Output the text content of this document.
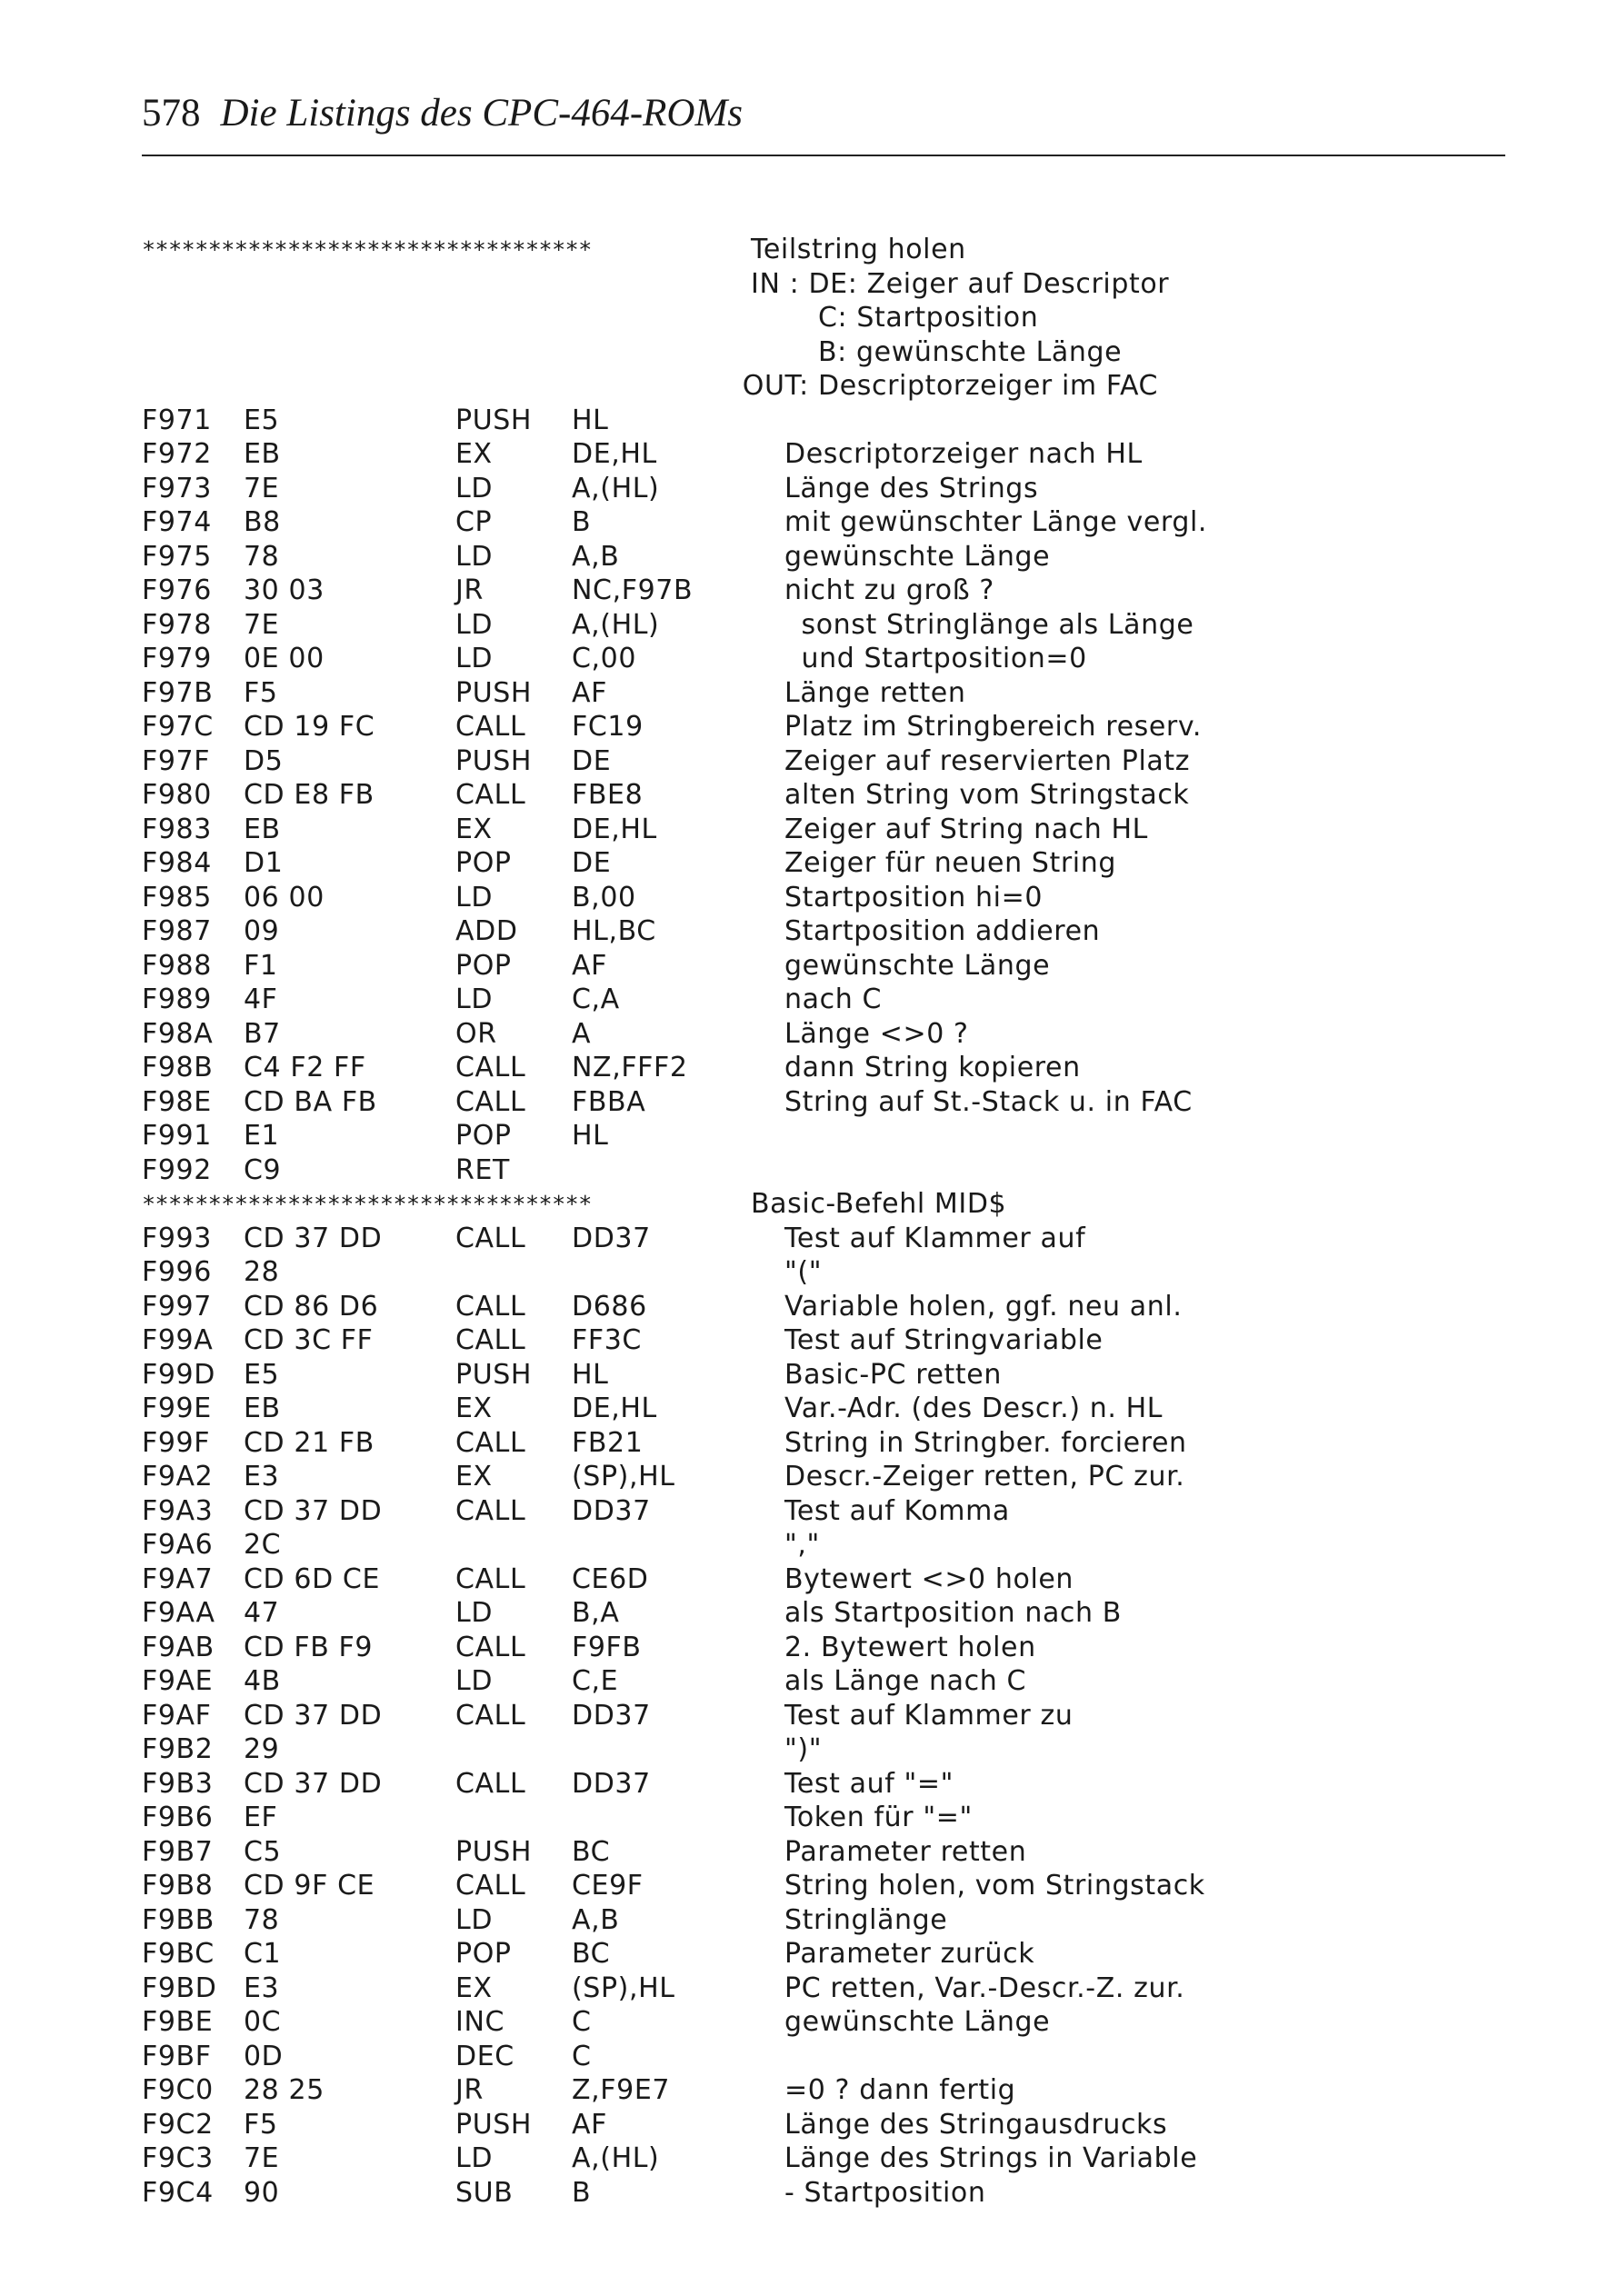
578 Die Listings des CPC-464-ROMs
**********************************	Teilstring holen
IN : DE: Zeiger auf Descriptor
C: Startposition
B: gewünschte Länge
OUT: Descriptorzeiger im FAC
F971 E5	PUSH HL
F972 EB	EX	DE,HL	Descriptorzeiger nach HL
F973 7E	LD	A,(HL)	Länge des Strings
F974 B8	CP	B	mit gewünschter Länge vergl.
F975 78	LD	A,B	gewünschte Länge
F976 30 03	JR	NC,F97B	nicht zu groß ?
F978 7E	LD	A,(HL)	sonst Stringlänge als Länge
F979 0E 00	LD	C,00	und Startposition=0
F97B F5	PUSH AF	Länge retten
F97C CD 19 FC	CALL FC19	Platz im Stringbereich reserv.
F97F D5	PUSH DE	Zeiger auf reservierten Platz
F980 CD E8 FB	CALL FBE8	alten String vom Stringstack
F983 EB	EX	DE,HL	Zeiger auf String nach HL
F984 D1	POP DE	Zeiger für neuen String
F985 06 00	LD	B,00	Startposition hi=0
F987 09	ADD HL,BC	Startposition addieren
F988 F1	POP AF	gewünschte Länge
F989 4F	LD	C,A	nach C
F98A B7	OR	A	Länge <>0 ?
F98B C4 F2 FF	CALL NZ,FFF2	dann String kopieren
F98E CD BA FB	CALL FBBA	String auf St.-Stack u. in FAC
F991 E1	POP HL
F992 C9	RET
**********************************	Basic-Befehl MID$
F993 CD 37 DD	CALL DD37	Test auf Klammer auf
F996 28	"("
F997 CD 86 D6	CALL D686	Variable holen, ggf. neu anl.
F99A CD 3C FF	CALL FF3C	Test auf Stringvariable
F99D E5	PUSH HL	Basic-PC retten
F99E EB	EX	DE,HL	Var.-Adr. (des Descr.) n. HL
F99F CD 21 FB	CALL FB21	String in Stringber. forcieren
F9A2 E3	EX	(SP),HL	Descr.-Zeiger retten, PC zur.
F9A3 CD 37 DD	CALL DD37	Test auf Komma
F9A6 2C	","
F9A7 CD 6D CE	CALL CE6D	Bytewert <>0 holen
F9AA 47	LD	B,A	als Startposition nach B
F9AB CD FB F9	CALL F9FB	2. Bytewert holen
F9AE 4B	LD	C,E	als Länge nach C
F9AF CD 37 DD	CALL DD37	Test auf Klammer zu
F9B2 29	")"
F9B3 CD 37 DD	CALL DD37	Test auf "="
F9B6 EF	Token für "="
F9B7 C5	PUSH BC	Parameter retten
F9B8 CD 9F CE	CALL CE9F	String holen, vom Stringstack
F9BB 78	LD	A,B	Stringlänge
F9BC C1	POP BC	Parameter zurück
F9BD E3	EX	(SP),HL	PC retten, Var.-Descr.-Z. zur.
F9BE 0C	INC C	gewünschte Länge
F9BF 0D	DEC C
F9C0 28 25	JR	Z,F9E7	=0 ? dann fertig
F9C2 F5	PUSH AF	Länge des Stringausdrucks
F9C3 7E	LD	A,(HL)	Länge des Strings in Variable
F9C4 90	SUB B	- Startposition
